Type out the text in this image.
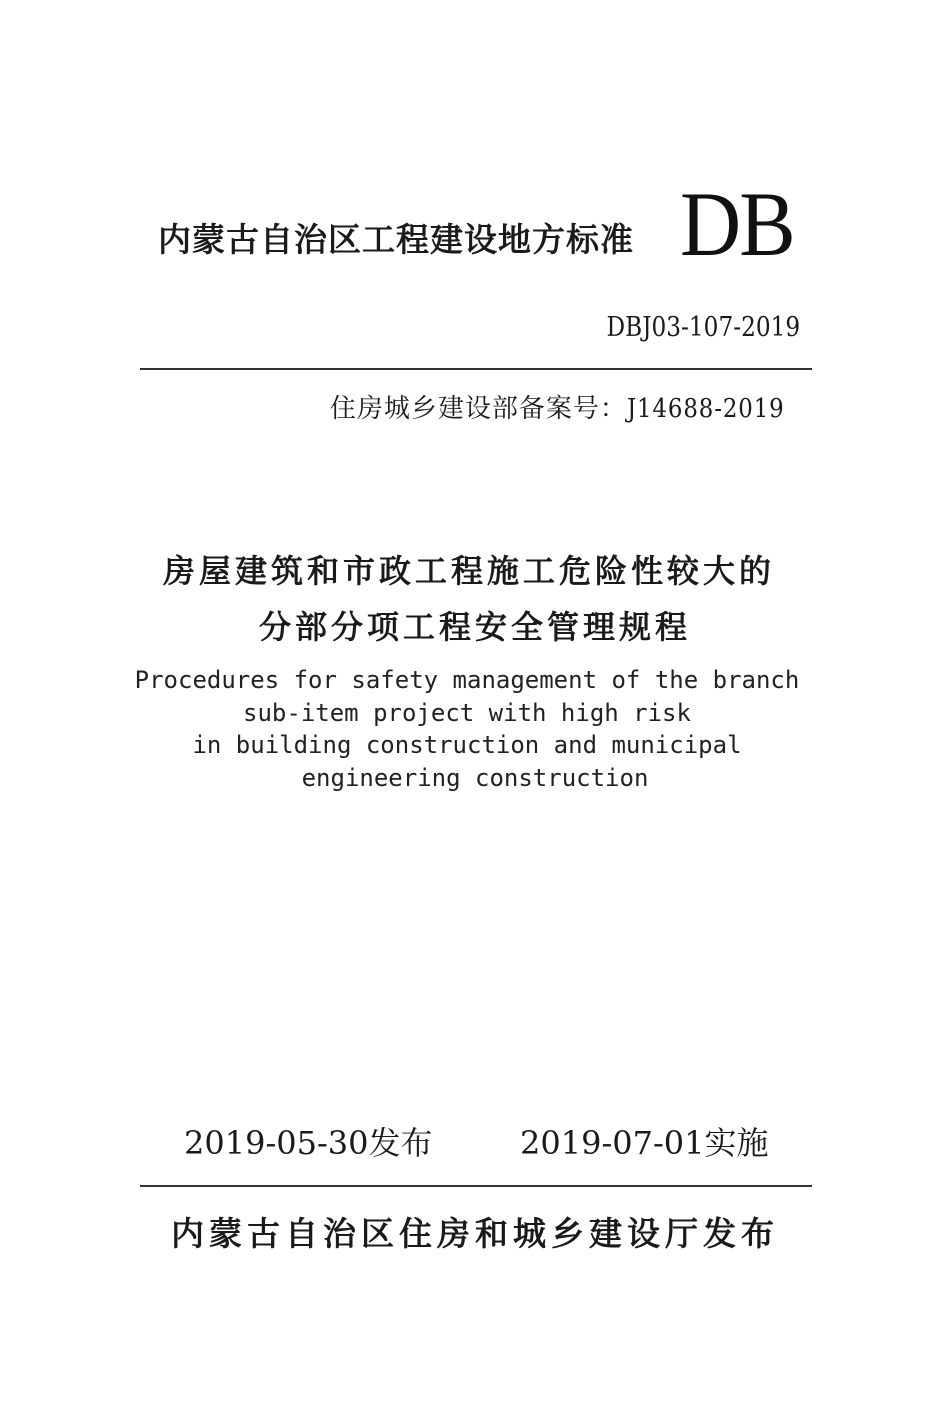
内蒙古自治区工程建设地方标准 DB
DBJ03-107-2019
住房城乡建设部备案号：J14688-2019
房屋建筑和市政工程施工危险性较大的
分部分项工程安全管理规程
Procedures for safety management of the branch
sub-item project with high risk
in building construction and municipal
engineering construction
2019-05-30发布	2019-07-01实施
内蒙古自治区住房和城乡建设厅发布
